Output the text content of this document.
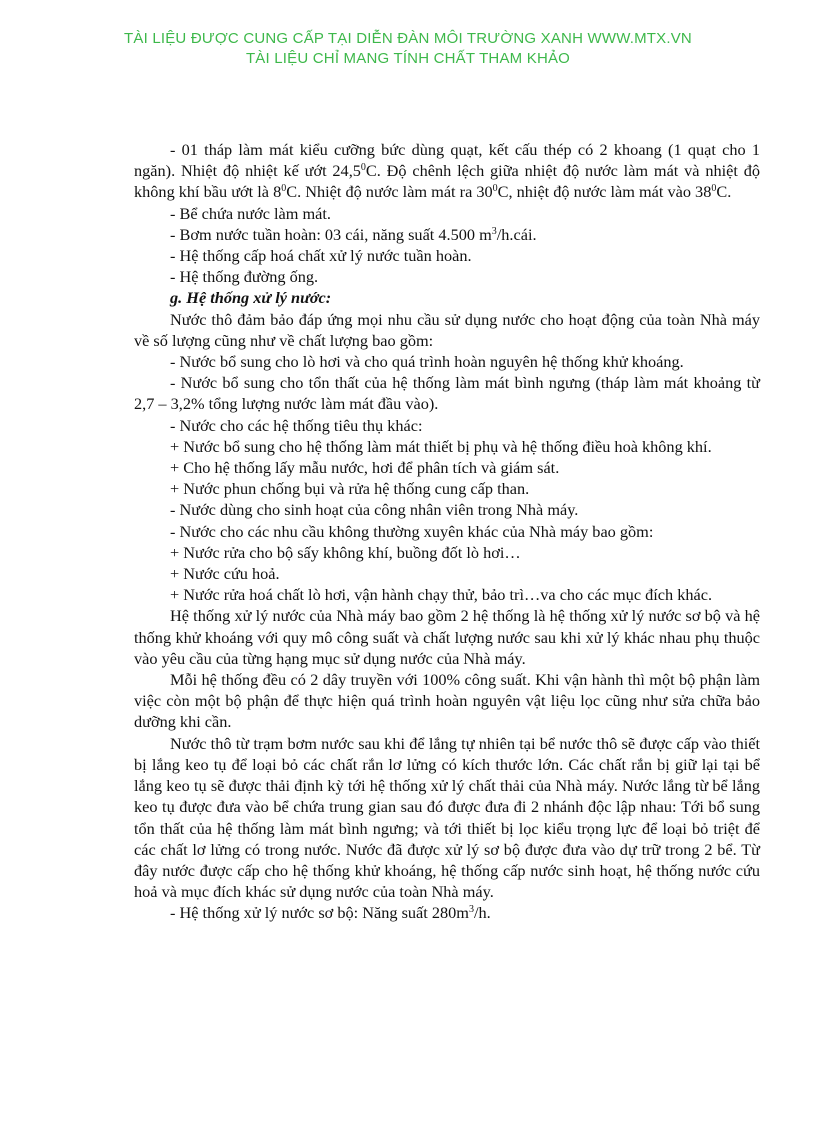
TÀI LIỆU ĐƯỢC CUNG CẤP TẠI DIỄN ĐÀN MÔI TRƯỜNG XANH WWW.MTX.VN
TÀI LIỆU CHỈ MANG TÍNH CHẤT THAM KHẢO

- 01 tháp làm mát kiểu cưỡng bức dùng quạt, kết cấu thép có 2 khoang (1 quạt cho 1 ngăn). Nhiệt độ nhiệt kế ướt 24,5$^0$C. Độ chênh lệch giữa nhiệt độ nước làm mát và nhiệt độ không khí bầu ướt là $8^0C$. Nhiệt độ nước làm mát ra $30^0C$, nhiệt độ nước làm mát vào $38^0C$.

- Bể chứa nước làm mát.

- Bơm nước tuần hoàn: 03 cái, năng suất 4.500 $m^3/h.cái$.

- Hệ thống cấp hoá chất xử lý nước tuần hoàn.

- Hệ thống đường ống.

g. Hệ thống xử lý nước:

Nước thô đảm bảo đáp ứng mọi nhu cầu sử dụng nước cho hoạt động của toàn Nhà máy về số lượng cũng như về chất lượng bao gồm:

- Nước bổ sung cho lò hơi và cho quá trình hoàn nguyên hệ thống khử khoáng.

- Nước bổ sung cho tổn thất của hệ thống làm mát bình ngưng (tháp làm mát khoảng từ 2,7 – 3,2% tổng lượng nước làm mát đầu vào).

- Nước cho các hệ thống tiêu thụ khác:

+ Nước bổ sung cho hệ thống làm mát thiết bị phụ và hệ thống điều hoà không khí.

+ Cho hệ thống lấy mẫu nước, hơi để phân tích và giám sát.

+ Nước phun chống bụi và rửa hệ thống cung cấp than.

- Nước dùng cho sinh hoạt của công nhân viên trong Nhà máy.

- Nước cho các nhu cầu không thường xuyên khác của Nhà máy bao gồm:

+ Nước rửa cho bộ sấy không khí, buồng đốt lò hơi…

+ Nước cứu hoả.

+ Nước rửa hoá chất lò hơi, vận hành chạy thử, bảo trì…va cho các mục đích khác.

Hệ thống xử lý nước của Nhà máy bao gồm 2 hệ thống là hệ thống xử lý nước sơ bộ và hệ thống khử khoáng với quy mô công suất và chất lượng nước sau khi xử lý khác nhau phụ thuộc vào yêu cầu của từng hạng mục sử dụng nước của Nhà máy.

Mỗi hệ thống đều có 2 dây truyền với 100% công suất. Khi vận hành thì một bộ phận làm việc còn một bộ phận để thực hiện quá trình hoàn nguyên vật liệu lọc cũng như sửa chữa bảo dưỡng khi cần.

Nước thô từ trạm bơm nước sau khi để lắng tự nhiên tại bể nước thô sẽ được cấp vào thiết bị lắng keo tụ để loại bỏ các chất rắn lơ lửng có kích thước lớn. Các chất rắn bị giữ lại tại bể lắng keo tụ sẽ được thải định kỳ tới hệ thống xử lý chất thải của Nhà máy. Nước lắng từ bể lắng keo tụ được đưa vào bể chứa trung gian sau đó được đưa đi 2 nhánh độc lập nhau: Tới bổ sung tổn thất của hệ thống làm mát bình ngưng; và tới thiết bị lọc kiểu trọng lực để loại bỏ triệt để các chất lơ lửng có trong nước. Nước đã được xử lý sơ bộ được đưa vào dự trữ trong 2 bể. Từ đây nước được cấp cho hệ thống khử khoáng, hệ thống cấp nước sinh hoạt, hệ thống nước cứu hoả và mục đích khác sử dụng nước của toàn Nhà máy.

- Hệ thống xử lý nước sơ bộ: Năng suất $280m^3/h$.
